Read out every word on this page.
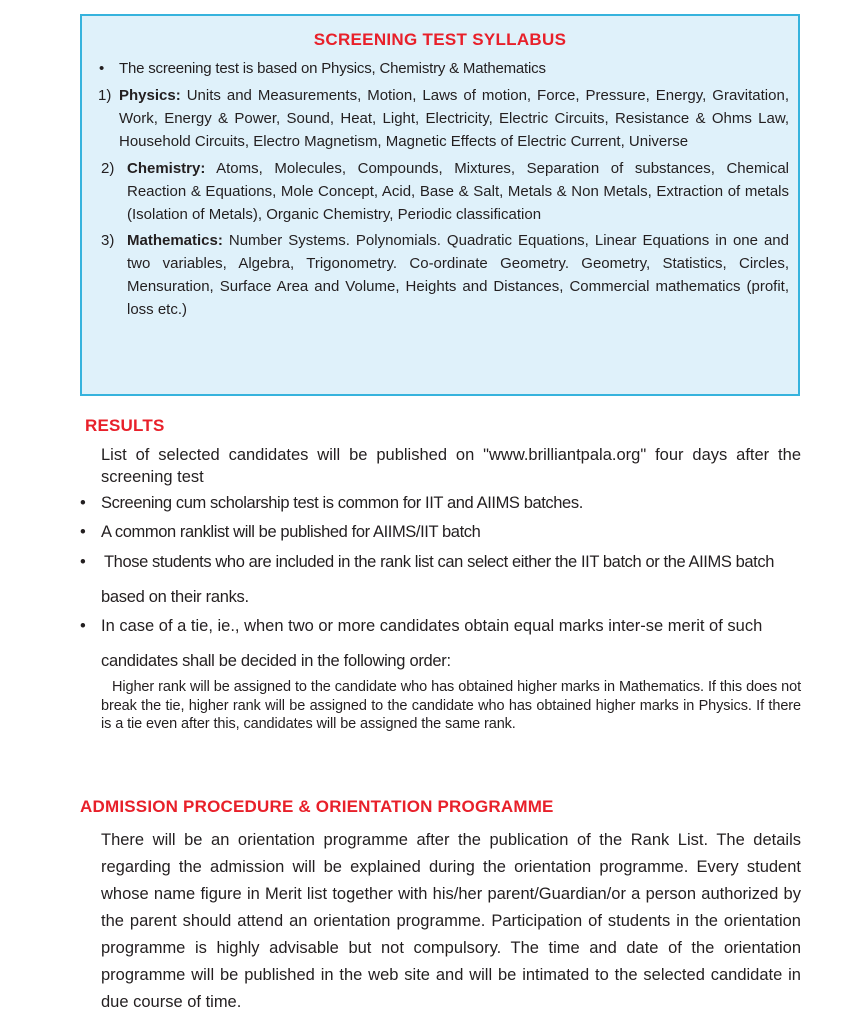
SCREENING TEST SYLLABUS
• The screening test is based on Physics, Chemistry & Mathematics
1) Physics: Units and Measurements, Motion, Laws of motion, Force, Pressure, Energy, Gravitation, Work, Energy & Power, Sound, Heat, Light, Electricity, Electric Circuits, Resistance & Ohms Law, Household Circuits, Electro Magnetism, Magnetic Effects of Electric Current, Universe
2) Chemistry: Atoms, Molecules, Compounds, Mixtures, Separation of substances, Chemical Reaction & Equations, Mole Concept, Acid, Base & Salt, Metals & Non Metals, Extraction of metals (Isolation of Metals), Organic Chemistry, Periodic classification
3) Mathematics: Number Systems. Polynomials. Quadratic Equations, Linear Equations in one and two variables, Algebra, Trigonometry. Co-ordinate Geometry. Geometry, Statistics, Circles, Mensuration, Surface Area and Volume, Heights and Distances, Commercial mathematics (profit, loss etc.)
RESULTS
List of selected candidates will be published on "www.brilliantpala.org" four days after the screening test
• Screening cum scholarship test is common for IIT and AIIMS batches.
• A common ranklist will be published for AIIMS/IIT batch
• Those students who are included in the rank list can select either the IIT batch or the AIIMS batch
based on their ranks.
• In case of a tie, ie., when two or more candidates obtain equal marks inter-se merit of such
candidates shall be decided in the following order:
Higher rank will be assigned to the candidate who has obtained higher marks in Mathematics. If this does not break the tie, higher rank will be assigned to the candidate who has obtained higher marks in Physics. If there is a tie even after this, candidates will be assigned the same rank.
ADMISSION PROCEDURE & ORIENTATION PROGRAMME
There will be an orientation programme after the publication of the Rank List. The details regarding the admission will be explained during the orientation programme. Every student whose name figure in Merit list together with his/her parent/Guardian/or a person authorized by the parent should attend an orientation programme. Participation of students in the orientation programme is highly advisable but not compulsory. The time and date of the orientation programme will be published in the web site and will be intimated to the selected candidate in due course of time.
